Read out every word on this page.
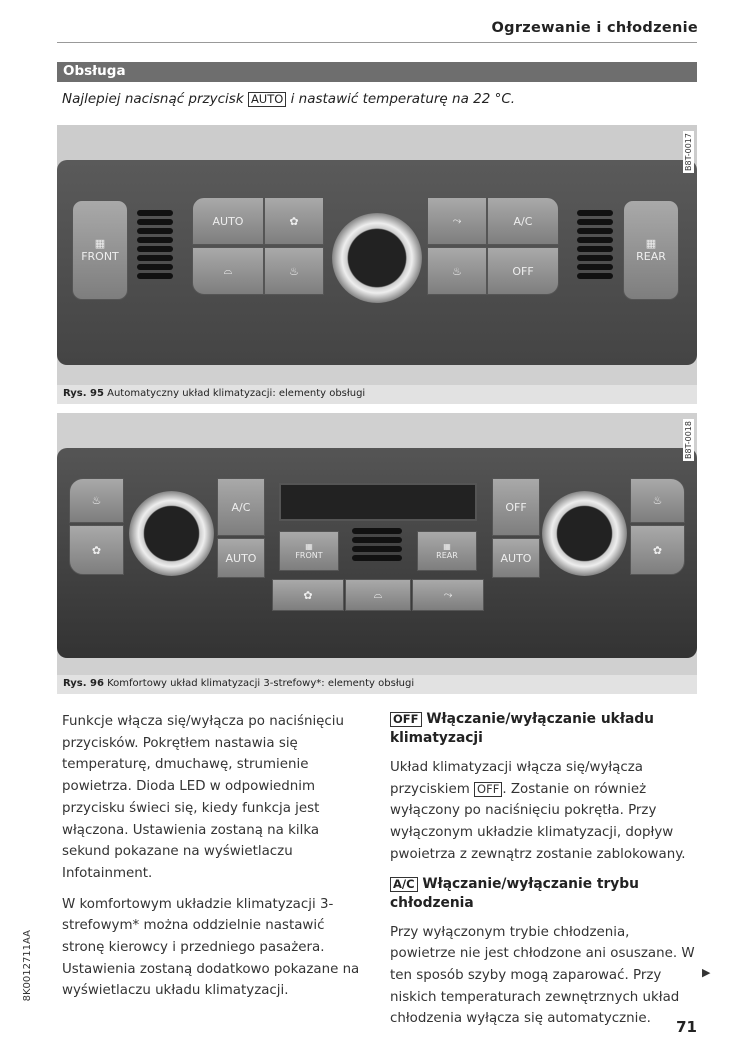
Ogrzewanie i chłodzenie
Obsługa
Najlepiej nacisnąć przycisk AUTO i nastawić temperaturę na 22 °C.
▦
FRONT
AUTO	✿
⌓	♨
⤳	A/C
♨	OFF
▦
REAR
B8T-0017
Rys. 95 Automatyczny układ klimatyzacji: elementy obsługi
♨
✿
A/C
AUTO
▦
FRONT
▦
REAR
✿	⌓	⤳
OFF
AUTO
♨
✿
B8T-0018
Rys. 96 Komfortowy układ klimatyzacji 3-strefowy*: elementy obsługi

Funkcje włącza się/wyłącza po naciśnięciu przycisków. Pokrętłem nastawia się temperaturę, dmuchawę, strumienie powietrza. Dioda LED w odpowiednim przycisku świeci się, kiedy funkcja jest włączona. Ustawienia zostaną na kilka sekund pokazane na wyświetlaczu Infotainment.

W komfortowym układzie klimatyzacji 3-strefowym* można oddzielnie nastawić stronę kierowcy i przedniego pasażera. Ustawienia zostaną dodatkowo pokazane na wyświetlaczu układu klimatyzacji.

OFF Włączanie/wyłączanie układu klimatyzacji

Układ klimatyzacji włącza się/wyłącza przyciskiem OFF . Zostanie on również wyłączony po naciśnięciu pokrętła. Przy wyłączonym układzie klimatyzacji, dopływ pwoietrza z zewnątrz zostanie zablokowany.

A/C Włączanie/wyłączanie trybu chłodzenia

Przy wyłączonym trybie chłodzenia, powietrze nie jest chłodzone ani osuszane. W ten sposób szyby mogą zaparować. Przy niskich temperaturach zewnętrznych układ chłodzenia wyłącza się automatycznie.

▶
8K0012711AA
71
